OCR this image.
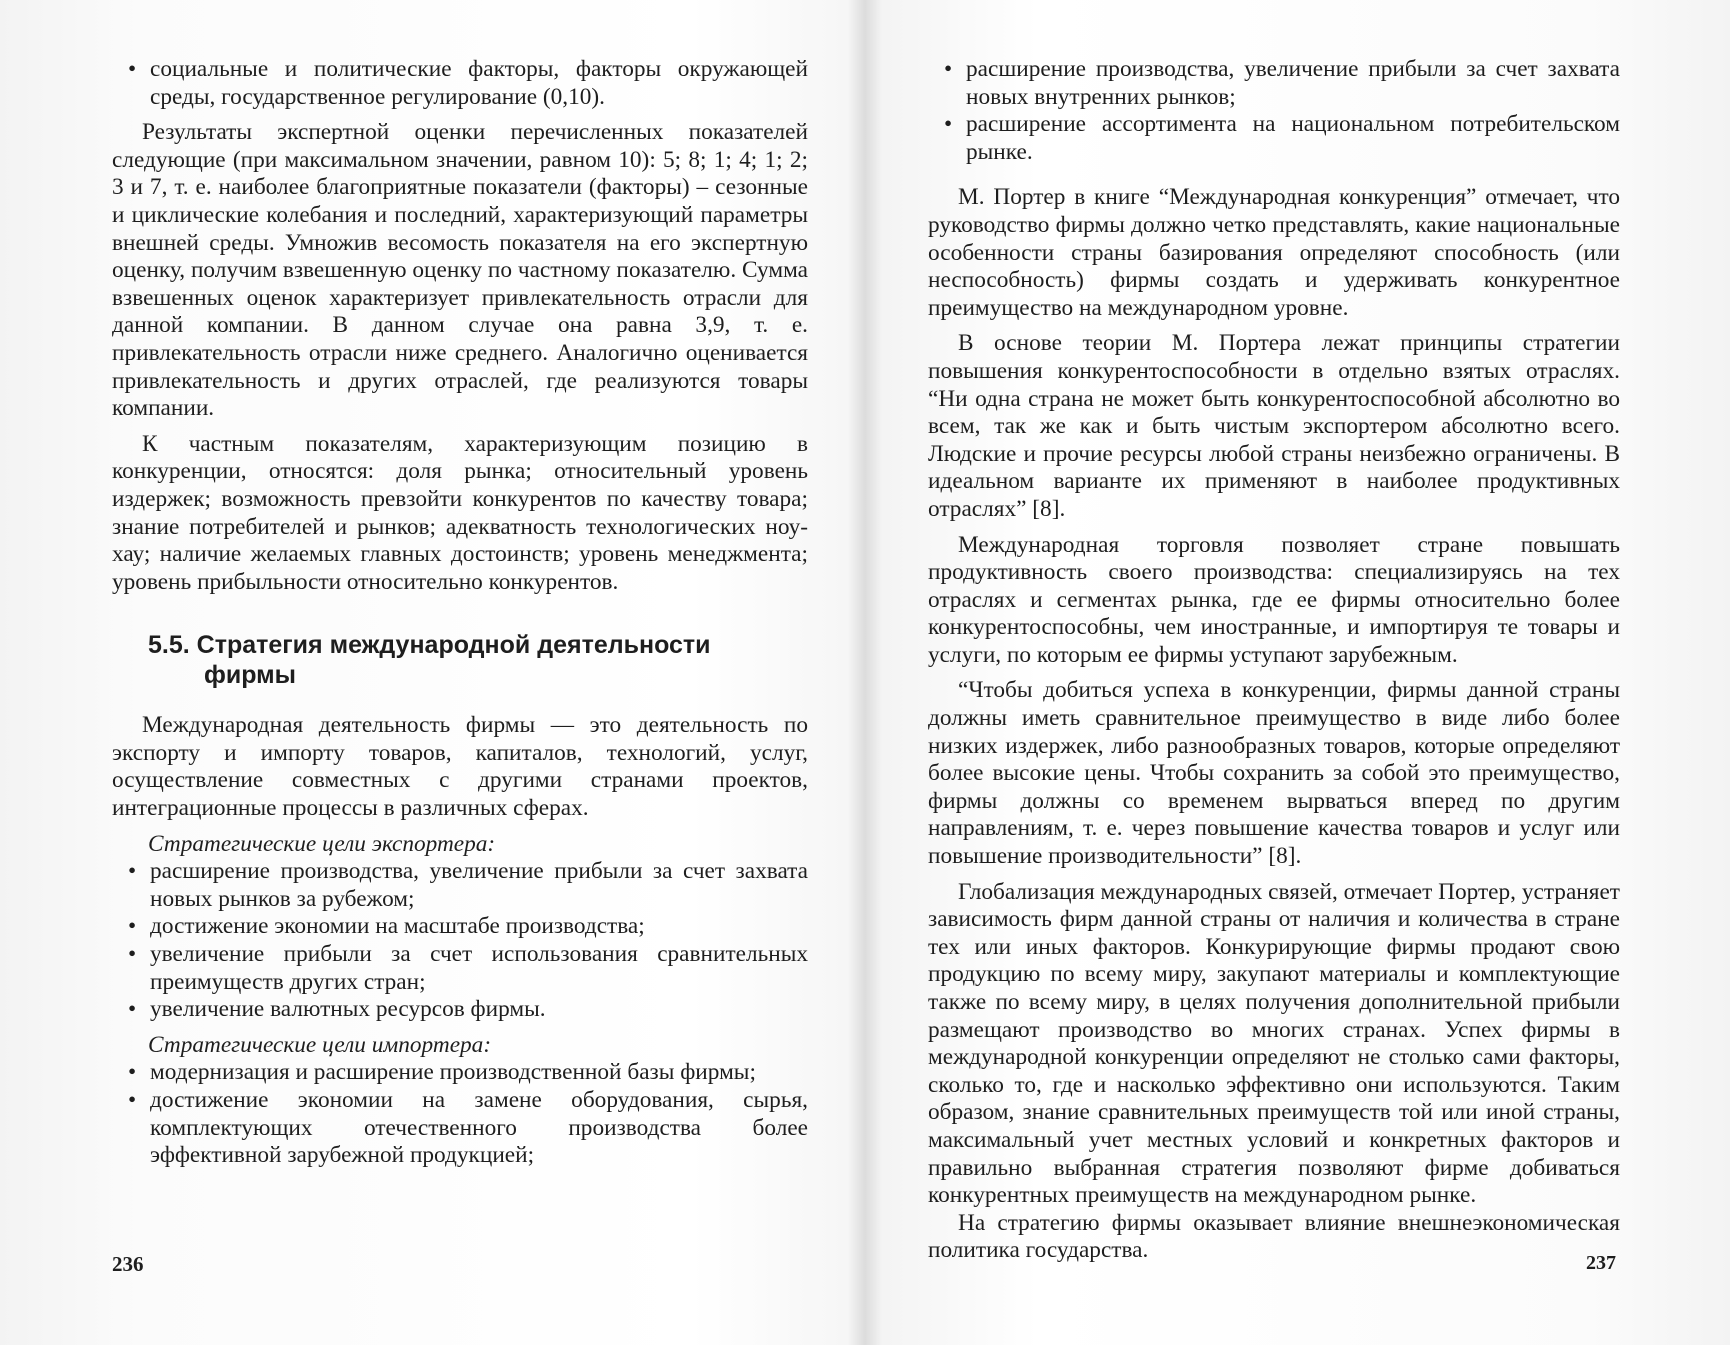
• социальные и политические факторы, факторы окружающей среды, государственное регулирование (0,10).

Результаты экспертной оценки перечисленных показателей следующие (при максимальном значении, равном 10): 5; 8; 1; 4; 1; 2; 3 и 7, т. е. наиболее благоприятные показатели (факторы) – сезонные и циклические колебания и последний, характеризующий параметры внешней среды. Умножив весомость показателя на его экспертную оценку, получим взвешенную оценку по частному показателю. Сумма взвешенных оценок характеризует привлекательность отрасли для данной компании. В данном случае она равна 3,9, т. е. привлекательность отрасли ниже среднего. Аналогично оценивается привлекательность и других отраслей, где реализуются товары компании.

К частным показателям, характеризующим позицию в конкуренции, относятся: доля рынка; относительный уровень издержек; возможность превзойти конкурентов по качеству товара; знание потребителей и рынков; адекватность технологических ноу-хау; наличие желаемых главных достоинств; уровень менеджмента; уровень прибыльности относительно конкурентов.

5.5. Стратегия международной деятельности фирмы

Международная деятельность фирмы — это деятельность по экспорту и импорту товаров, капиталов, технологий, услуг, осуществление совместных с другими странами проектов, интеграционные процессы в различных сферах.

Стратегические цели экспортера:

• расширение производства, увеличение прибыли за счет захвата новых рынков за рубежом;
• достижение экономии на масштабе производства;
• увеличение прибыли за счет использования сравнительных преимуществ других стран;
• увеличение валютных ресурсов фирмы.

Стратегические цели импортера:

• модернизация и расширение производственной базы фирмы;
• достижение экономии на замене оборудования, сырья, комплектующих отечественного производства более эффективной зарубежной продукцией;
236
• расширение производства, увеличение прибыли за счет захвата новых внутренних рынков;
• расширение ассортимента на национальном потребительском рынке.

М. Портер в книге “Международная конкуренция” отмечает, что руководство фирмы должно четко представлять, какие национальные особенности страны базирования определяют способность (или неспособность) фирмы создать и удерживать конкурентное преимущество на международном уровне.

В основе теории М. Портера лежат принципы стратегии повышения конкурентоспособности в отдельно взятых отраслях. “Ни одна страна не может быть конкурентоспособной абсолютно во всем, так же как и быть чистым экспортером абсолютно всего. Людские и прочие ресурсы любой страны неизбежно ограничены. В идеальном варианте их применяют в наиболее продуктивных отраслях” [8].

Международная торговля позволяет стране повышать продуктивность своего производства: специализируясь на тех отраслях и сегментах рынка, где ее фирмы относительно более конкурентоспособны, чем иностранные, и импортируя те товары и услуги, по которым ее фирмы уступают зарубежным.

“Чтобы добиться успеха в конкуренции, фирмы данной страны должны иметь сравнительное преимущество в виде либо более низких издержек, либо разнообразных товаров, которые определяют более высокие цены. Чтобы сохранить за собой это преимущество, фирмы должны со временем вырваться вперед по другим направлениям, т. е. через повышение качества товаров и услуг или повышение производительности” [8].

Глобализация международных связей, отмечает Портер, устраняет зависимость фирм данной страны от наличия и количества в стране тех или иных факторов. Конкурирующие фирмы продают свою продукцию по всему миру, закупают материалы и комплектующие также по всему миру, в целях получения дополнительной прибыли размещают производство во многих странах. Успех фирмы в международной конкуренции определяют не столько сами факторы, сколько то, где и насколько эффективно они используются. Таким образом, знание сравнительных преимуществ той или иной страны, максимальный учет местных условий и конкретных факторов и правильно выбранная стратегия позволяют фирме добиваться конкурентных преимуществ на международном рынке.

На стратегию фирмы оказывает влияние внешнеэкономическая политика государства.	237
